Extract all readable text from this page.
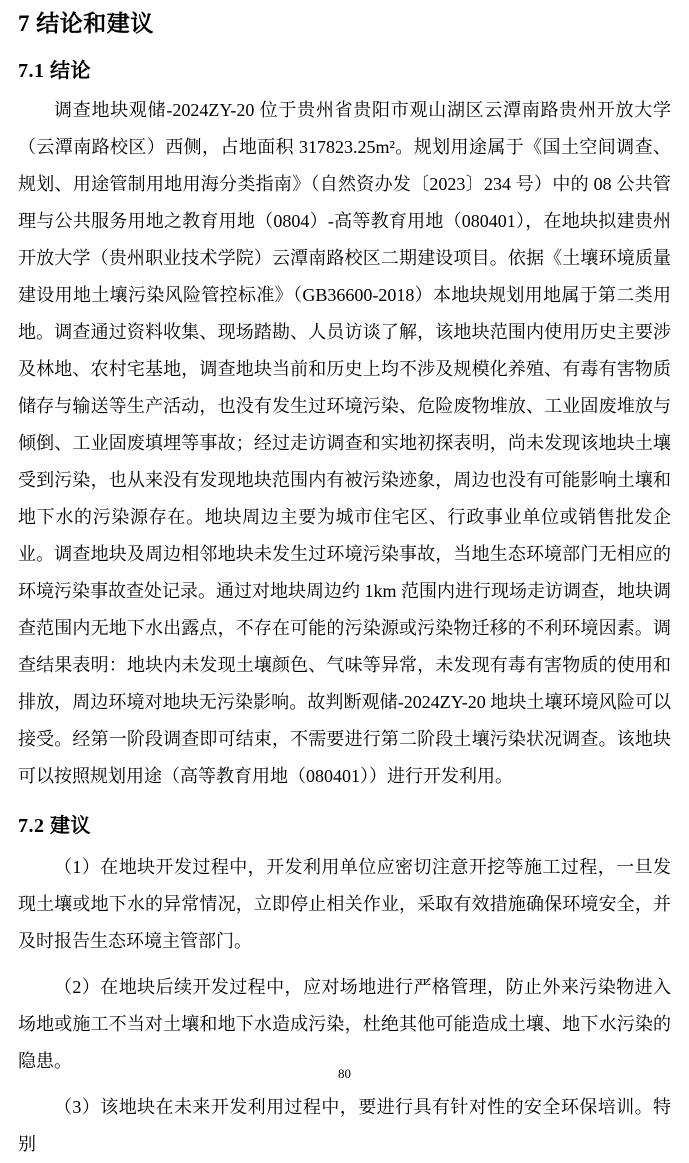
7 结论和建议
7.1 结论

调查地块观储-2024ZY-20 位于贵州省贵阳市观山湖区云潭南路贵州开放大学（云潭南路校区）西侧，占地面积 317823.25m²。规划用途属于《国土空间调查、规划、用途管制用地用海分类指南》（自然资办发〔2023〕234 号）中的 08 公共管理与公共服务用地之教育用地（0804）-高等教育用地（080401），在地块拟建贵州开放大学（贵州职业技术学院）云潭南路校区二期建设项目。依据《土壤环境质量建设用地土壤污染风险管控标准》（GB36600-2018）本地块规划用地属于第二类用地。调查通过资料收集、现场踏勘、人员访谈了解，该地块范围内使用历史主要涉及林地、农村宅基地，调查地块当前和历史上均不涉及规模化养殖、有毒有害物质储存与输送等生产活动，也没有发生过环境污染、危险废物堆放、工业固废堆放与倾倒、工业固废填埋等事故；经过走访调查和实地初探表明，尚未发现该地块土壤受到污染，也从来没有发现地块范围内有被污染迹象，周边也没有可能影响土壤和地下水的污染源存在。地块周边主要为城市住宅区、行政事业单位或销售批发企业。调查地块及周边相邻地块未发生过环境污染事故，当地生态环境部门无相应的环境污染事故查处记录。通过对地块周边约 1km 范围内进行现场走访调查，地块调查范围内无地下水出露点，不存在可能的污染源或污染物迁移的不利环境因素。调查结果表明：地块内未发现土壤颜色、气味等异常，未发现有毒有害物质的使用和排放，周边环境对地块无污染影响。故判断观储-2024ZY-20 地块土壤环境风险可以接受。经第一阶段调查即可结束，不需要进行第二阶段土壤污染状况调查。该地块可以按照规划用途（高等教育用地（080401））进行开发利用。

7.2 建议

（1）在地块开发过程中，开发利用单位应密切注意开挖等施工过程，一旦发现土壤或地下水的异常情况，立即停止相关作业，采取有效措施确保环境安全，并及时报告生态环境主管部门。

（2）在地块后续开发过程中，应对场地进行严格管理，防止外来污染物进入场地或施工不当对土壤和地下水造成污染，杜绝其他可能造成土壤、地下水污染的隐患。

（3）该地块在未来开发利用过程中，要进行具有针对性的安全环保培训。特别

80
